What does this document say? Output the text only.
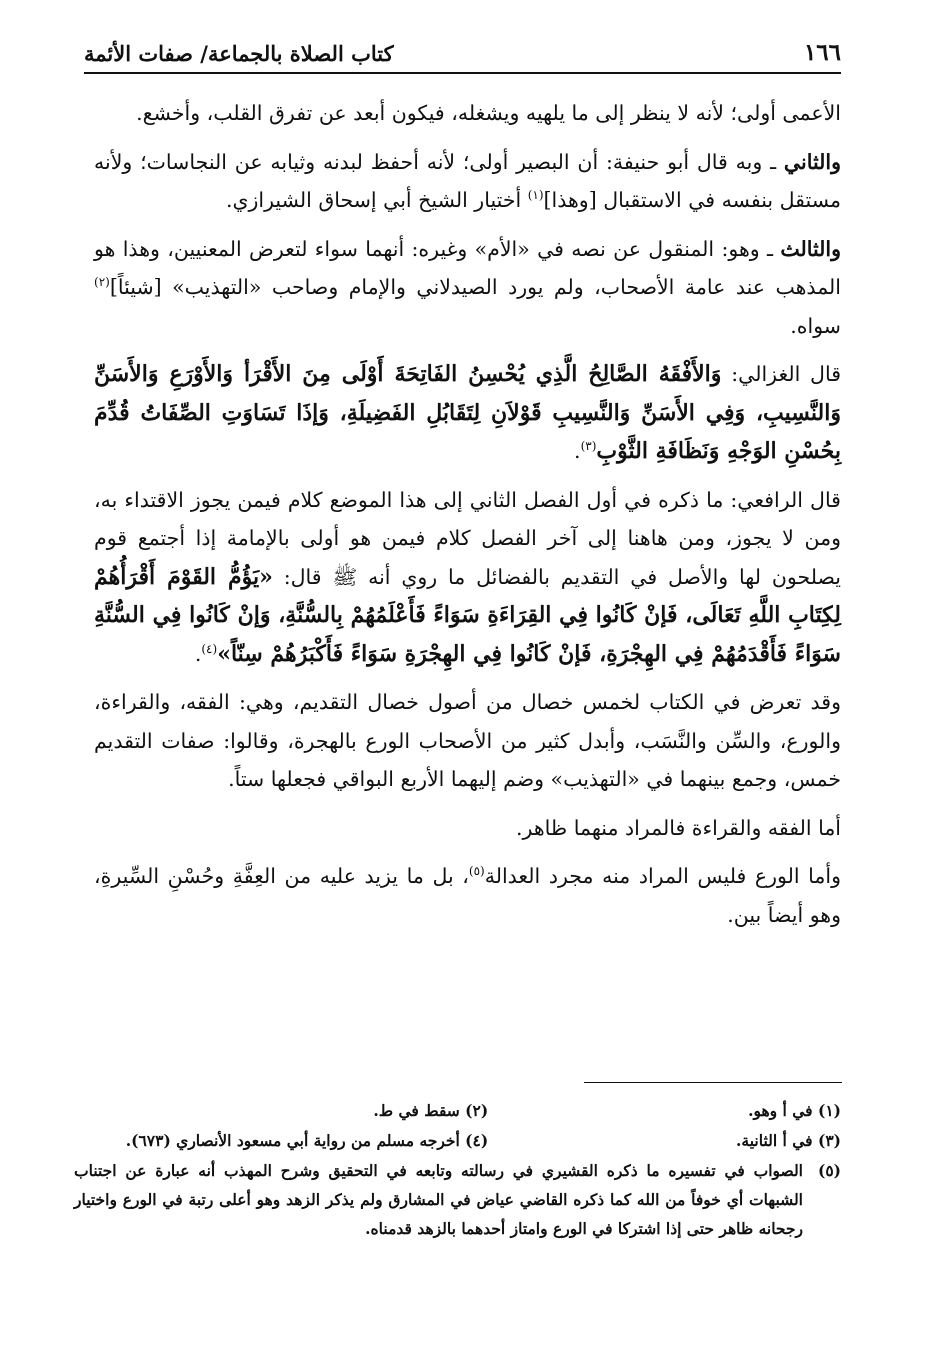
١٦٦
كتاب الصلاة بالجماعة/ صفات الأئمة

الأعمى أولى؛ لأنه لا ينظر إلى ما يلهيه ويشغله، فيكون أبعد عن تفرق القلب، وأخشع.

والثاني ـ وبه قال أبو حنيفة: أن البصير أولى؛ لأنه أحفظ لبدنه وثيابه عن النجاسات؛ ولأنه مستقل بنفسه في الاستقبال [وهذا]$^{(١)}$ أختيار الشيخ أبي إسحاق الشيرازي.

والثالث ـ وهو: المنقول عن نصه في «الأم» وغيره: أنهما سواء لتعرض المعنيين، وهذا هو المذهب عند عامة الأصحاب، ولم يورد الصيدلاني والإمام وصاحب «التهذيب» [شيئاً]$^{(٢)}$ سواه.

قال الغزالي: وَالأَفْقَهُ الصَّالِحُ الَّذِي يُحْسِنُ الفَاتِحَةَ أَوْلَى مِنَ الأَقْرَأ وَالأَوْرَعِ وَالأَسَنِّ وَالنَّسِيبِ، وَفِي الأَسَنِّ وَالنَّسِيبِ قَوْلاَنِ لِتَقَابُلِ الفَضِيلَةِ، وَإذَا تَسَاوَتِ الصِّفَاتُ قُدِّمَ بِحُسْنِ الوَجْهِ وَنَظَافَةِ الثَّوْبِ$^{(٣)}$.

قال الرافعي: ما ذكره في أول الفصل الثاني إلى هذا الموضع كلام فيمن يجوز الاقتداء به، ومن لا يجوز، ومن هاهنا إلى آخر الفصل كلام فيمن هو أولى بالإمامة إذا أجتمع قوم يصلحون لها والأصل في التقديم بالفضائل ما روي أنه ﷺ قال: «يَؤُمُّ القَوْمَ أَقْرَأُهُمْ لِكِتَابِ اللَّهِ تَعَالَى، فَإنْ كَانُوا فِي القِرَاءَةِ سَوَاءً فَأَعْلَمُهُمْ بِالسُّنَّةِ، وَإنْ كَانُوا فِي السُّنَّةِ سَوَاءً فَأَقْدَمُهُمْ فِي الهِجْرَةِ، فَإنْ كَانُوا فِي الهِجْرَةِ سَوَاءً فَأَكْبَرُهُمْ سِنّاً»$^{(٤)}$.

وقد تعرض في الكتاب لخمس خصال من أصول خصال التقديم، وهي: الفقه، والقراءة، والورع، والسِّن والنَّسَب، وأبدل كثير من الأصحاب الورع بالهجرة، وقالوا: صفات التقديم خمس، وجمع بينهما في «التهذيب» وضم إليهما الأربع البواقي فجعلها ستاً.

أما الفقه والقراءة فالمراد منهما ظاهر.

وأما الورع فليس المراد منه مجرد العدالة$^{(٥)}$، بل ما يزيد عليه من العِفَّةِ وحُسْنِ السِّيرةِ، وهو أيضاً بين.

(١) في أ وهو.
(٢) سقط في ط.
(٣) في أ الثانية.
(٤) أخرجه مسلم من رواية أبي مسعود الأنصاري (٦٧٣).
(٥)
الصواب في تفسيره ما ذكره القشيري في رسالته وتابعه في التحقيق وشرح المهذب أنه عبارة عن اجتناب الشبهات أي خوفاً من الله كما ذكره القاضي عياض في المشارق ولم يذكر الزهد وهو أعلى رتبة في الورع واختيار رجحانه ظاهر حتى إذا اشتركا في الورع وامتاز أحدهما بالزهد قدمناه.
